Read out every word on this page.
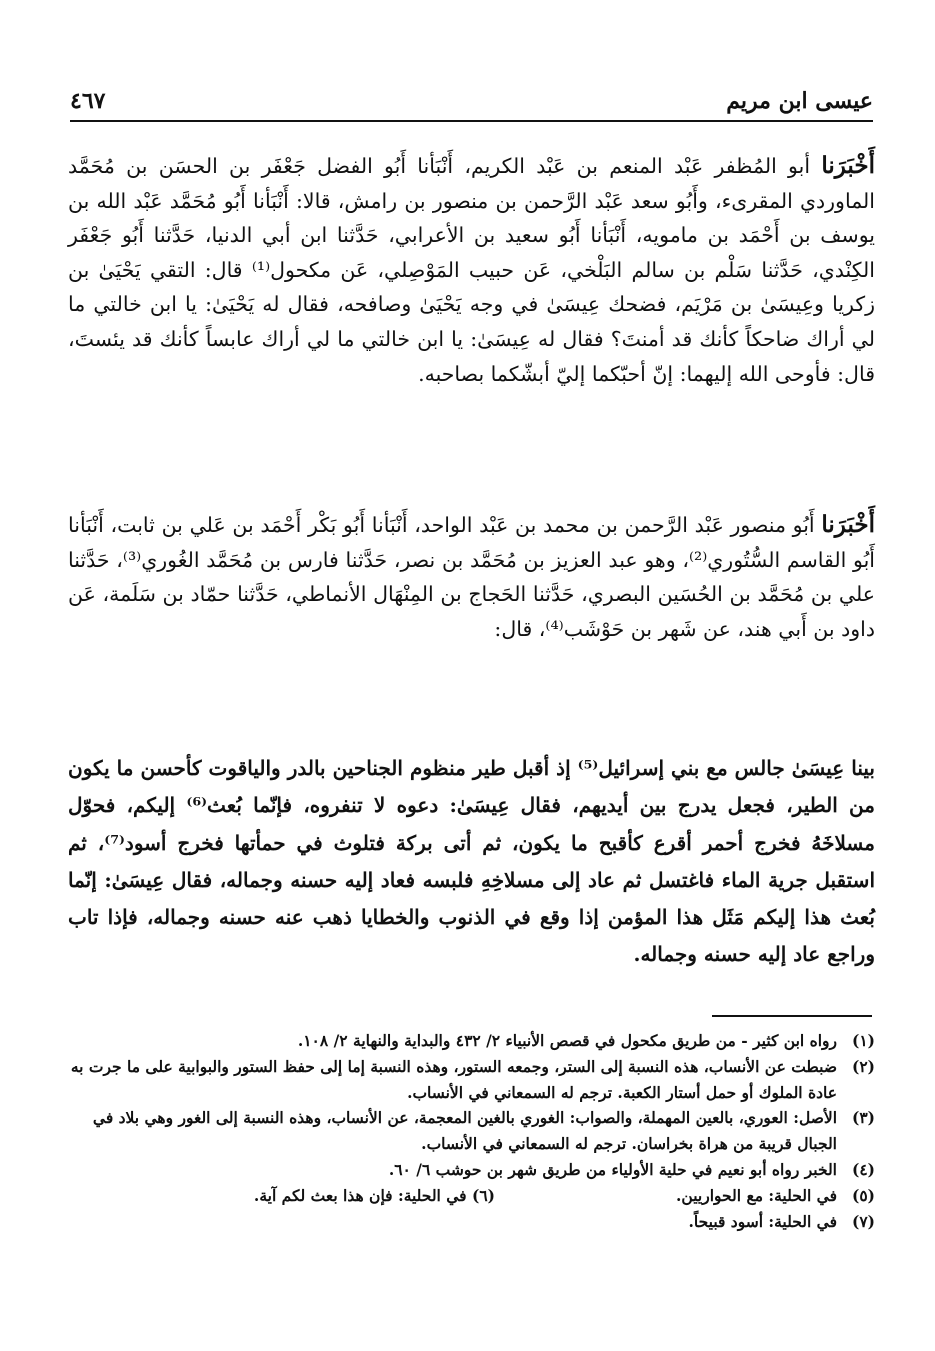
عيسى ابن مريم
٤٦٧
أَخْبَرَنا أبو المُظفر عَبْد المنعم بن عَبْد الكريم، أَنْبَأنا أَبُو الفضل جَعْفَر بن الحسَن بن مُحَمَّد الماوردي المقرىء، وأَبُو سعد عَبْد الرَّحمن بن منصور بن رامش، قالا: أَنْبَأنا أَبُو مُحَمَّد عَبْد الله بن يوسف بن أَحْمَد بن مامويه، أَنْبَأنا أَبُو سعيد بن الأعرابي، حَدَّثنا ابن أبي الدنيا، حَدَّثنا أَبُو جَعْفَر الكِنْدي، حَدَّثنا سَلْم بن سالم البَلْخي، عَن حبيب المَوْصِلي، عَن مكحول⁽¹⁾ قال: التقي يَحْيَىٰ بن زكريا وعِيسَىٰ بن مَرْيَم، فضحك عِيسَىٰ في وجه يَحْيَىٰ وصافحه، فقال له يَحْيَىٰ: يا ابن خالتي ما لي أراك ضاحكاً كأنك قد أمنتَ؟ فقال له عِيسَىٰ: يا ابن خالتي ما لي أراك عابساً كأنك قد يئستَ، قال: فأوحى الله إليهما: إنّ أحبّكما إليّ أبشّكما بصاحبه.
أَخْبَرَنا أَبُو منصور عَبْد الرَّحمن بن محمد بن عَبْد الواحد، أَنْبَأنا أَبُو بَكْر أَحْمَد بن عَلي بن ثابت، أَنْبَأنا أَبُو القاسم السُّتُوري⁽²⁾، وهو عبد العزيز بن مُحَمَّد بن نصر، حَدَّثنا فارس بن مُحَمَّد الغُوري⁽³⁾، حَدَّثنا علي بن مُحَمَّد بن الحُسَين البصري، حَدَّثنا الحَجاج بن المِنْهَال الأنماطي، حَدَّثنا حمّاد بن سَلَمة، عَن داود بن أَبي هند، عن شَهر بن حَوْشَب⁽⁴⁾، قال:
بينا عِيسَىٰ جالس مع بني إسرائيل⁽⁵⁾ إذ أقبل طير منظوم الجناحين بالدر والياقوت كأحسن ما يكون من الطير، فجعل يدرج بين أيديهم، فقال عِيسَىٰ: دعوه لا تنفروه، فإنّما بُعث⁽⁶⁾ إليكم، فحوّل مسلاخَهُ فخرج أحمر أقرع كأقبح ما يكون، ثم أتى بركة فتلوث في حمأتها فخرج أسود⁽⁷⁾، ثم استقبل جرية الماء فاغتسل ثم عاد إلى مسلاخِهِ فلبسه فعاد إليه حسنه وجماله، فقال عِيسَىٰ: إنّما بُعث هذا إليكم مَثَل هذا المؤمن إذا وقع في الذنوب والخطايا ذهب عنه حسنه وجماله، فإذا تاب وراجع عاد إليه حسنه وجماله.
(١)
رواه ابن كثير - من طريق مكحول في قصص الأنبياء ٢/ ٤٣٢ والبداية والنهاية ٢/ ١٠٨.
(٢)
ضبطت عن الأنساب، هذه النسبة إلى الستر، وجمعه الستور، وهذه النسبة إما إلى حفظ الستور والبوابية على ما جرت به عادة الملوك أو حمل أستار الكعبة. ترجم له السمعاني في الأنساب.
(٣)
الأصل: العوري، بالعين المهملة، والصواب: الغوري بالغين المعجمة، عن الأنساب، وهذه النسبة إلى الغور وهي بلاد في الجبال قريبة من هراة بخراسان. ترجم له السمعاني في الأنساب.
(٤)
الخبر رواه أبو نعيم في حلية الأولياء من طريق شهر بن حوشب ٦/ ٦٠.
(٥)
في الحلية: مع الحواريين.
(٦) في الحلية: فإن هذا بعث لكم آية.
(٧)
في الحلية: أسود قبيحاً.
